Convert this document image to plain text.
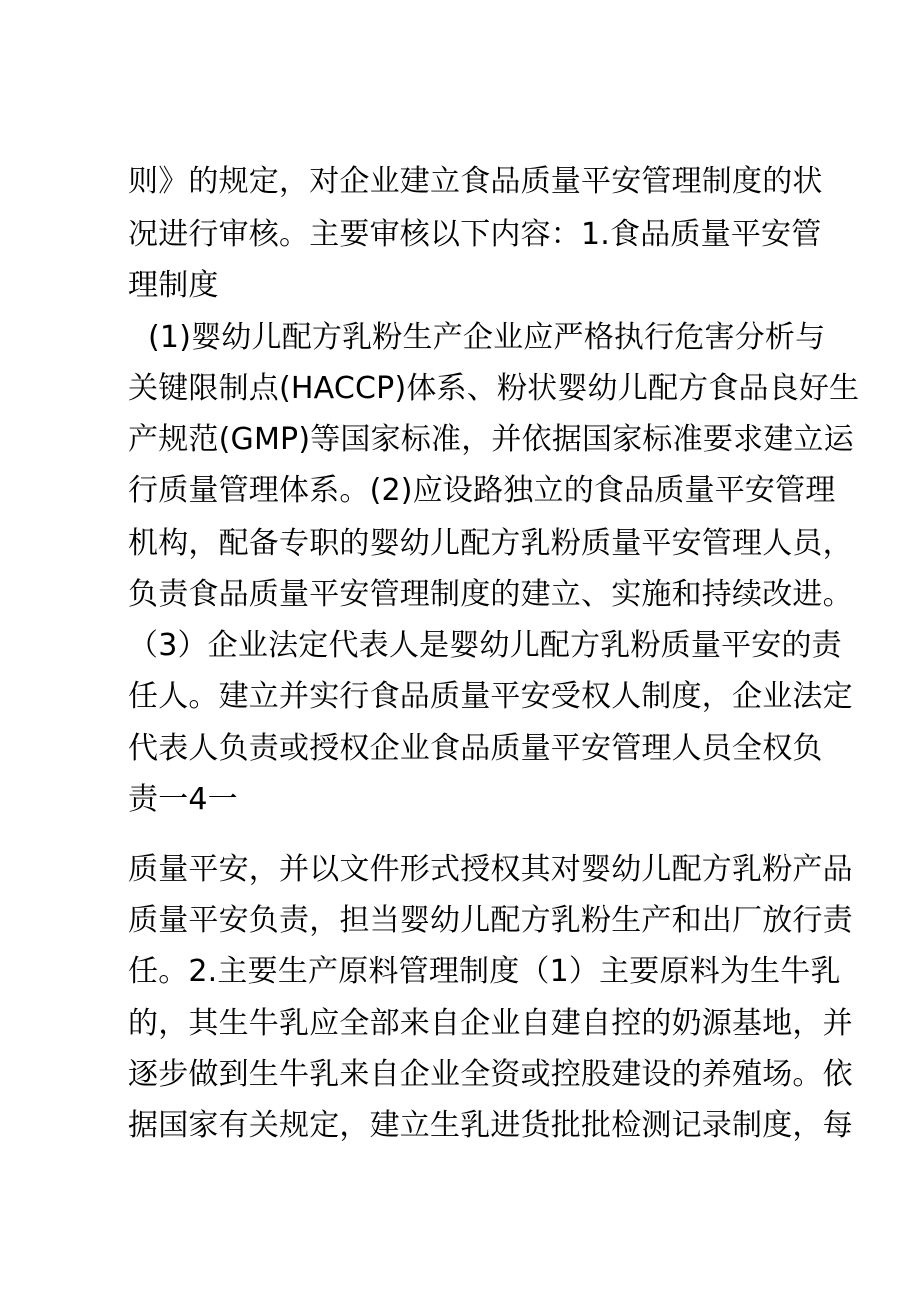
则》的规定，对企业建立食品质量平安管理制度的状
况进行审核。主要审核以下内容：1.食品质量平安管
理制度
(1)婴幼儿配方乳粉生产企业应严格执行危害分析与
关键限制点(HACCP)体系、粉状婴幼儿配方食品良好生
产规范(GMP)等国家标准，并依据国家标准要求建立运
行质量管理体系。(2)应设路独立的食品质量平安管理
机构，配备专职的婴幼儿配方乳粉质量平安管理人员，
负责食品质量平安管理制度的建立、实施和持续改进。
（3）企业法定代表人是婴幼儿配方乳粉质量平安的责
任人。建立并实行食品质量平安受权人制度，企业法定
代表人负责或授权企业食品质量平安管理人员全权负
责一4一
质量平安，并以文件形式授权其对婴幼儿配方乳粉产品
质量平安负责，担当婴幼儿配方乳粉生产和出厂放行责
任。2.主要生产原料管理制度（1）主要原料为生牛乳
的，其生牛乳应全部来自企业自建自控的奶源基地，并
逐步做到生牛乳来自企业全资或控股建设的养殖场。依
据国家有关规定，建立生乳进货批批检测记录制度，每
